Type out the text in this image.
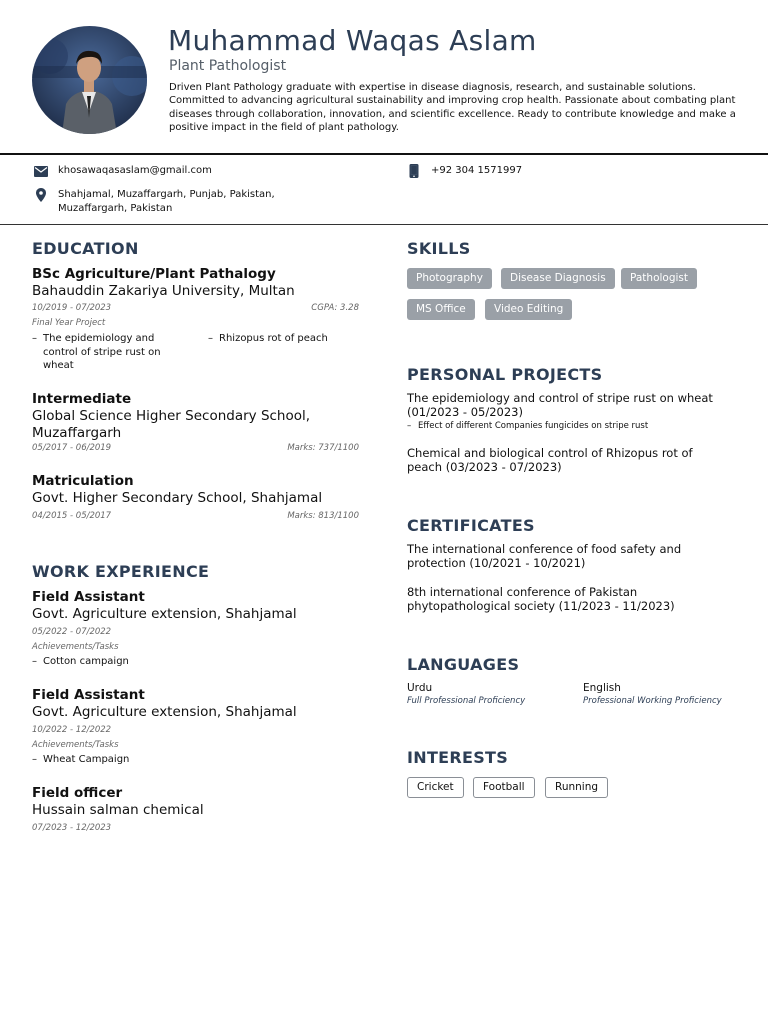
Muhammad Waqas Aslam
Plant Pathologist
Driven Plant Pathology graduate with expertise in disease diagnosis, research, and sustainable solutions. Committed to advancing agricultural sustainability and improving crop health. Passionate about combating plant diseases through collaboration, innovation, and scientific excellence. Ready to contribute knowledge and make a positive impact in the field of plant pathology.
khosawaqasaslam@gmail.com	+92 304 1571997
Shahjamal, Muzaffargarh, Punjab, Pakistan,
Muzaffargarh, Pakistan
EDUCATION
BSc Agriculture/Plant Pathalogy
Bahauddin Zakariya University, Multan
10/2019 - 07/2023	CGPA: 3.28
Final Year Project
– The epidemiology and control of stripe rust on wheat
– Rhizopus rot of peach
Intermediate
Global Science Higher Secondary School, Muzaffargarh
05/2017 - 06/2019	Marks: 737/1100
Matriculation
Govt. Higher Secondary School, Shahjamal
04/2015 - 05/2017	Marks: 813/1100
WORK EXPERIENCE
Field Assistant
Govt. Agriculture extension, Shahjamal
05/2022 - 07/2022
Achievements/Tasks
– Cotton campaign
Field Assistant
Govt. Agriculture extension, Shahjamal
10/2022 - 12/2022
Achievements/Tasks
– Wheat Campaign
Field officer
Hussain salman chemical
07/2023 - 12/2023
SKILLS
Photography	Disease Diagnosis	Pathologist
MS Office	Video Editing
PERSONAL PROJECTS
The epidemiology and control of stripe rust on wheat
(01/2023 - 05/2023)
– Effect of different Companies fungicides on stripe rust
Chemical and biological control of Rhizopus rot of peach (03/2023 - 07/2023)
CERTIFICATES
The international conference of food safety and protection (10/2021 - 10/2021)
8th international conference of Pakistan phytopathological society (11/2023 - 11/2023)
LANGUAGES
Urdu
Full Professional Proficiency
English
Professional Working Proficiency
INTERESTS
Cricket	Football	Running
